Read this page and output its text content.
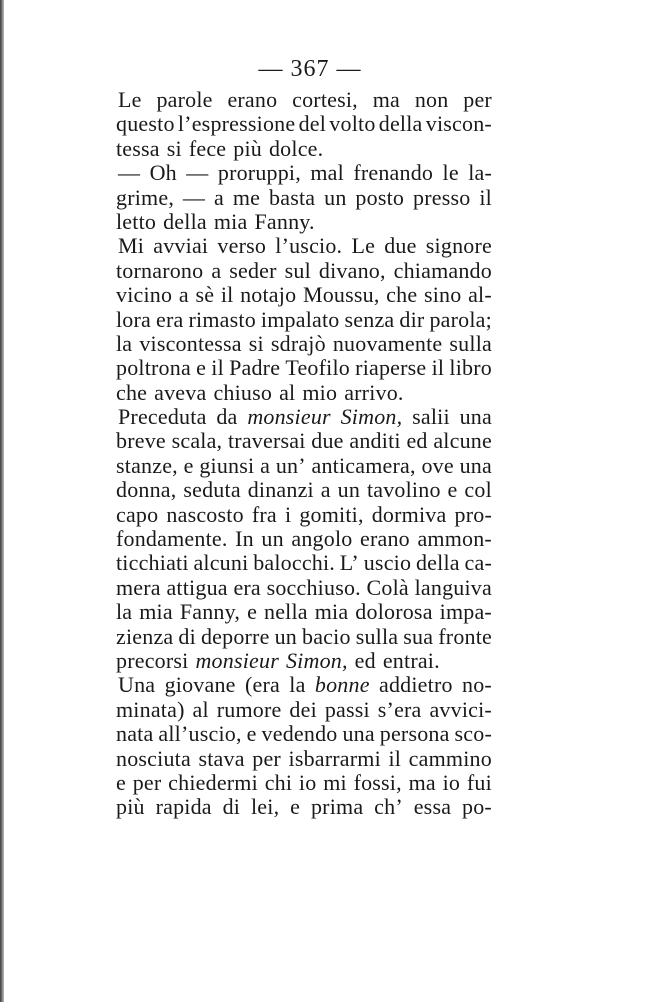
— 367 —
Le parole erano cortesi, ma non per
questo l’espressione del volto della viscon-
tessa si fece più dolce.
— Oh — proruppi, mal frenando le la-
grime, — a me basta un posto presso il
letto della mia Fanny.
Mi avviai verso l’uscio. Le due signore
tornarono a seder sul divano, chiamando
vicino a sè il notajo Moussu, che sino al-
lora era rimasto impalato senza dir parola;
la viscontessa si sdrajò nuovamente sulla
poltrona e il Padre Teofilo riaperse il libro
che aveva chiuso al mio arrivo.
Preceduta da monsieur Simon, salii una
breve scala, traversai due anditi ed alcune
stanze, e giunsi a un’ anticamera, ove una
donna, seduta dinanzi a un tavolino e col
capo nascosto fra i gomiti, dormiva pro-
fondamente. In un angolo erano ammon-
ticchiati alcuni balocchi. L’ uscio della ca-
mera attigua era socchiuso. Colà languiva
la mia Fanny, e nella mia dolorosa impa-
zienza di deporre un bacio sulla sua fronte
precorsi monsieur Simon, ed entrai.
Una giovane (era la bonne addietro no-
minata) al rumore dei passi s’era avvici-
nata all’uscio, e vedendo una persona sco-
nosciuta stava per isbarrarmi il cammino
e per chiedermi chi io mi fossi, ma io fui
più rapida di lei, e prima ch’ essa po-
